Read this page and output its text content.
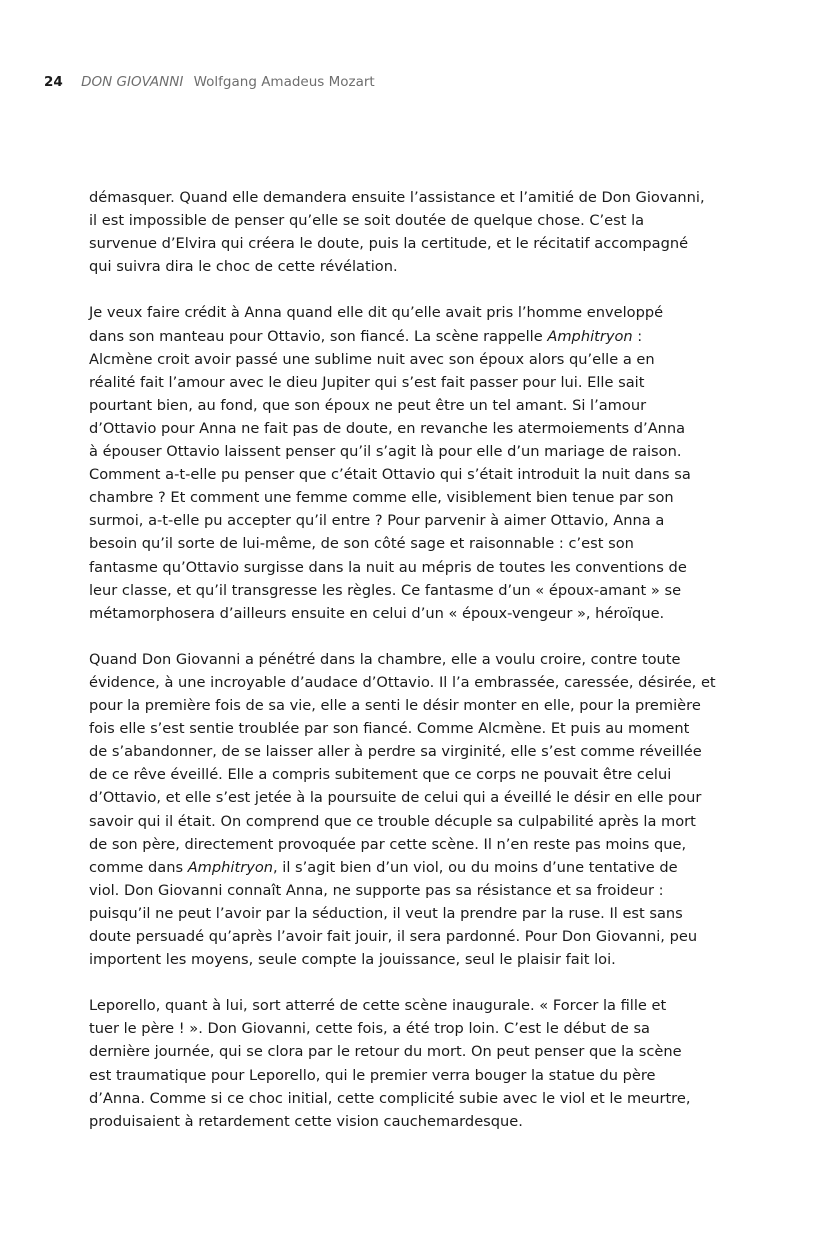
24 DON GIOVANNI Wolfgang Amadeus Mozart

démasquer. Quand elle demandera ensuite l’assistance et l’amitié de Don Giovanni,
il est impossible de penser qu’elle se soit doutée de quelque chose. C’est la
survenue d’Elvira qui créera le doute, puis la certitude, et le récitatif accompagné
qui suivra dira le choc de cette révélation.

Je veux faire crédit à Anna quand elle dit qu’elle avait pris l’homme enveloppé
dans son manteau pour Ottavio, son fiancé. La scène rappelle Amphitryon :
Alcmène croit avoir passé une sublime nuit avec son époux alors qu’elle a en
réalité fait l’amour avec le dieu Jupiter qui s’est fait passer pour lui. Elle sait
pourtant bien, au fond, que son époux ne peut être un tel amant. Si l’amour
d’Ottavio pour Anna ne fait pas de doute, en revanche les atermoiements d’Anna
à épouser Ottavio laissent penser qu’il s’agit là pour elle d’un mariage de raison.
Comment a-t-elle pu penser que c’était Ottavio qui s’était introduit la nuit dans sa
chambre ? Et comment une femme comme elle, visiblement bien tenue par son
surmoi, a-t-elle pu accepter qu’il entre ? Pour parvenir à aimer Ottavio, Anna a
besoin qu’il sorte de lui-même, de son côté sage et raisonnable : c’est son
fantasme qu’Ottavio surgisse dans la nuit au mépris de toutes les conventions de
leur classe, et qu’il transgresse les règles. Ce fantasme d’un « époux-amant » se
métamorphosera d’ailleurs ensuite en celui d’un « époux-vengeur », héroïque.

Quand Don Giovanni a pénétré dans la chambre, elle a voulu croire, contre toute
évidence, à une incroyable d’audace d’Ottavio. Il l’a embrassée, caressée, désirée, et
pour la première fois de sa vie, elle a senti le désir monter en elle, pour la première
fois elle s’est sentie troublée par son fiancé. Comme Alcmène. Et puis au moment
de s’abandonner, de se laisser aller à perdre sa virginité, elle s’est comme réveillée
de ce rêve éveillé. Elle a compris subitement que ce corps ne pouvait être celui
d’Ottavio, et elle s’est jetée à la poursuite de celui qui a éveillé le désir en elle pour
savoir qui il était. On comprend que ce trouble décuple sa culpabilité après la mort
de son père, directement provoquée par cette scène. Il n’en reste pas moins que,
comme dans Amphitryon, il s’agit bien d’un viol, ou du moins d’une tentative de
viol. Don Giovanni connaît Anna, ne supporte pas sa résistance et sa froideur :
puisqu’il ne peut l’avoir par la séduction, il veut la prendre par la ruse. Il est sans
doute persuadé qu’après l’avoir fait jouir, il sera pardonné. Pour Don Giovanni, peu
importent les moyens, seule compte la jouissance, seul le plaisir fait loi.

Leporello, quant à lui, sort atterré de cette scène inaugurale. « Forcer la fille et
tuer le père ! ». Don Giovanni, cette fois, a été trop loin. C’est le début de sa
dernière journée, qui se clora par le retour du mort. On peut penser que la scène
est traumatique pour Leporello, qui le premier verra bouger la statue du père
d’Anna. Comme si ce choc initial, cette complicité subie avec le viol et le meurtre,
produisaient à retardement cette vision cauchemardesque.
